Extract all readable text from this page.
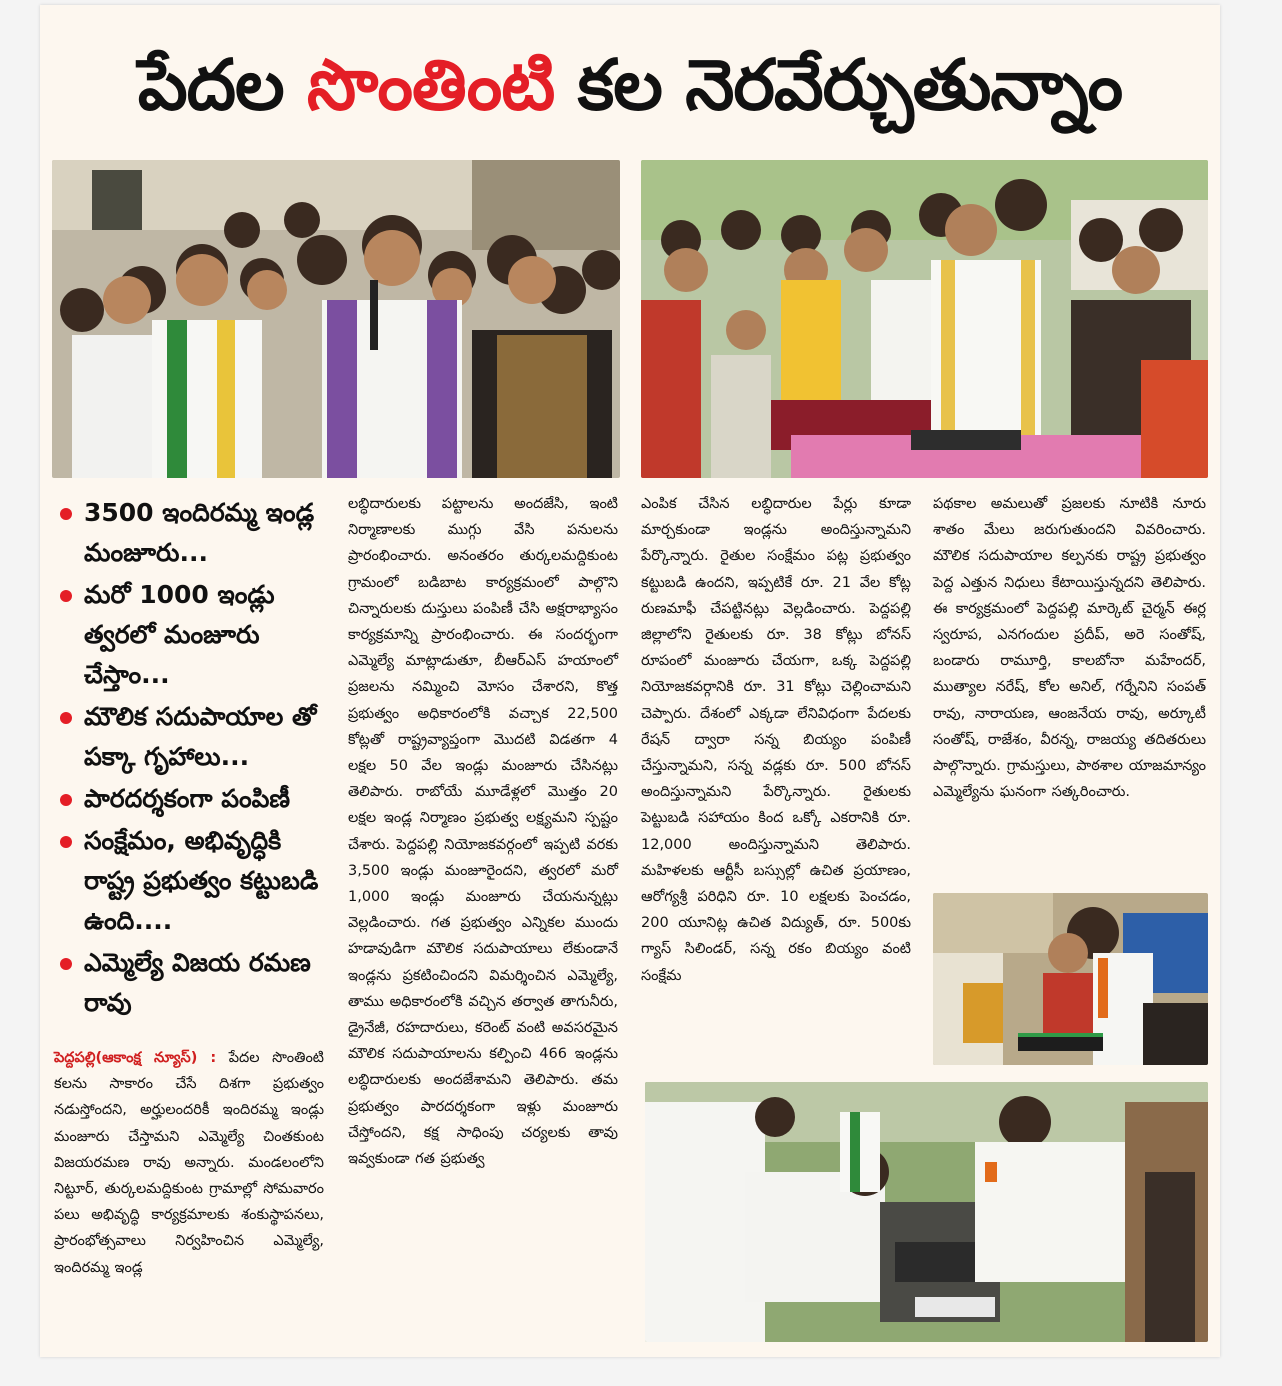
పేదల సొంతింటి కల నెరవేర్చుతున్నాం
3500 ఇందిరమ్మ ఇండ్ల మంజూరు...
మరో 1000 ఇండ్లు త్వరలో మంజూరు చేస్తాం...
మౌలిక సదుపాయాల తో పక్కా గృహాలు...
పారదర్శకంగా పంపిణీ
సంక్షేమం, అభివృద్ధికి రాష్ట్ర ప్రభుత్వం కట్టుబడి ఉంది....
ఎమ్మెల్యే విజయ రమణ రావు

పెద్దపల్లి(ఆకాంక్ష న్యూస్) : పేదల సొంతింటి కలను సాకారం చేసే దిశగా ప్రభుత్వం నడుస్తోందని, అర్హులందరికీ ఇందిరమ్మ ఇండ్లు మంజూరు చేస్తామని ఎమ్మెల్యే చింతకుంట విజయరమణ రావు అన్నారు. మండలంలోని నిట్టూర్, తుర్కలమద్దికుంట గ్రామాల్లో సోమవారం పలు అభివృద్ధి కార్యక్రమాలకు శంకుస్థాపనలు, ప్రారంభోత్సవాలు నిర్వహించిన ఎమ్మెల్యే, ఇందిరమ్మ ఇండ్ల

లబ్ధిదారులకు పట్టాలను అందజేసి, ఇంటి నిర్మాణాలకు ముగ్గు వేసి పనులను ప్రారంభించారు. అనంతరం తుర్కలమద్దికుంట గ్రామంలో బడిబాట కార్యక్రమంలో పాల్గొని చిన్నారులకు దుస్తులు పంపిణీ చేసి అక్షరాభ్యాసం కార్యక్రమాన్ని ప్రారంభించారు. ఈ సందర్భంగా ఎమ్మెల్యే మాట్లాడుతూ, బీఆర్ఎస్ హయాంలో ప్రజలను నమ్మించి మోసం చేశారని, కొత్త ప్రభుత్వం అధికారంలోకి వచ్చాక 22,500 కోట్లతో రాష్ట్రవ్యాప్తంగా మొదటి విడతగా 4 లక్షల 50 వేల ఇండ్లు మంజూరు చేసినట్లు తెలిపారు. రాబోయే మూడేళ్లలో మొత్తం 20 లక్షల ఇండ్ల నిర్మాణం ప్రభుత్వ లక్ష్యమని స్పష్టం చేశారు. పెద్దపల్లి నియోజకవర్గంలో ఇప్పటి వరకు 3,500 ఇండ్లు మంజూరైందని, త్వరలో మరో 1,000 ఇండ్లు మంజూరు చేయనున్నట్లు వెల్లడించారు. గత ప్రభుత్వం ఎన్నికల ముందు హడావుడిగా మౌలిక సదుపాయాలు లేకుండానే ఇండ్లను ప్రకటించిందని విమర్శించిన ఎమ్మెల్యే, తాము అధికారంలోకి వచ్చిన తర్వాత తాగునీరు, డ్రైనేజీ, రహదారులు, కరెంట్ వంటి అవసరమైన మౌలిక సదుపాయాలను కల్పించి 466 ఇండ్లను లబ్ధిదారులకు అందజేశామని తెలిపారు. తమ ప్రభుత్వం పారదర్శకంగా ఇళ్లు మంజూరు చేస్తోందని, కక్ష సాధింపు చర్యలకు తావు ఇవ్వకుండా గత ప్రభుత్వ

ఎంపిక చేసిన లబ్ధిదారుల పేర్లు కూడా మార్చకుండా ఇండ్లను అందిస్తున్నామని పేర్కొన్నారు. రైతుల సంక్షేమం పట్ల ప్రభుత్వం కట్టుబడి ఉందని, ఇప్పటికే రూ. 21 వేల కోట్ల రుణమాఫీ చేపట్టినట్లు వెల్లడించారు. పెద్దపల్లి జిల్లాలోని రైతులకు రూ. 38 కోట్లు బోనస్ రూపంలో మంజూరు చేయగా, ఒక్క పెద్దపల్లి నియోజకవర్గానికి రూ. 31 కోట్లు చెల్లించామని చెప్పారు. దేశంలో ఎక్కడా లేనివిధంగా పేదలకు రేషన్ ద్వారా సన్న బియ్యం పంపిణీ చేస్తున్నామని, సన్న వడ్లకు రూ. 500 బోనస్ అందిస్తున్నామని పేర్కొన్నారు. రైతులకు పెట్టుబడి సహాయం కింద ఒక్కో ఎకరానికి రూ. 12,000 అందిస్తున్నామని తెలిపారు. మహిళలకు ఆర్టీసీ బస్సుల్లో ఉచిత ప్రయాణం, ఆరోగ్యశ్రీ పరిధిని రూ. 10 లక్షలకు పెంచడం, 200 యూనిట్ల ఉచిత విద్యుత్, రూ. 500కు గ్యాస్ సిలిండర్, సన్న రకం బియ్యం వంటి సంక్షేమ

పథకాల అమలుతో ప్రజలకు నూటికి నూరు శాతం మేలు జరుగుతుందని వివరించారు. మౌలిక సదుపాయాల కల్పనకు రాష్ట్ర ప్రభుత్వం పెద్ద ఎత్తున నిధులు కేటాయిస్తున్నదని తెలిపారు. ఈ కార్యక్రమంలో పెద్దపల్లి మార్కెట్ చైర్మన్ ఈర్ల స్వరూప, ఎనగందుల ప్రదీప్, అరె సంతోష్, బండారు రామూర్తి, కాలబోనా మహేందర్, ముత్యాల నరేష్, కోల అనిల్, గర్నేనిని సంపత్ రావు, నారాయణ, ఆంజనేయ రావు, అర్కూటీ సంతోష్, రాజేశం, వీరన్న, రాజయ్య తదితరులు పాల్గొన్నారు. గ్రామస్తులు, పాఠశాల యాజమాన్యం ఎమ్మెల్యేను ఘనంగా సత్కరించారు.
